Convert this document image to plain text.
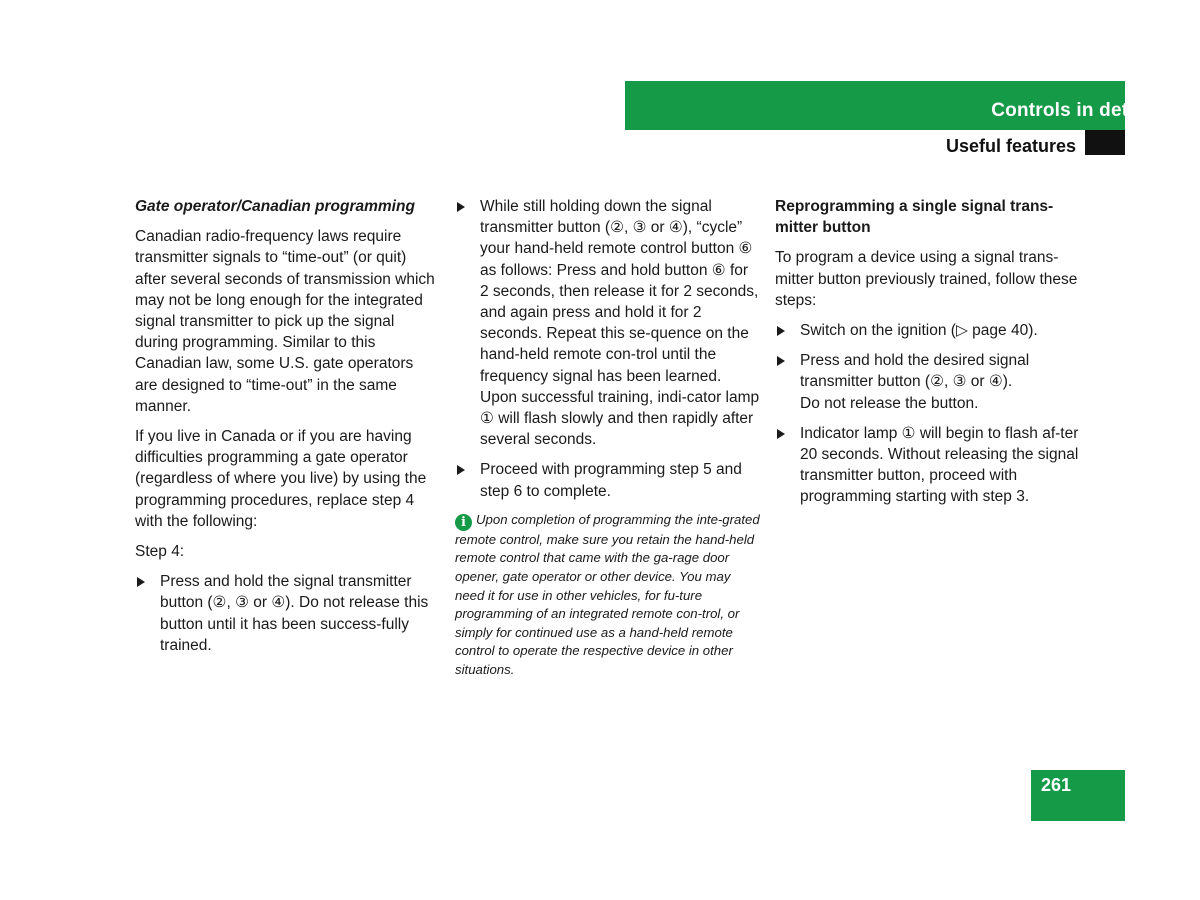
Controls in detail
Useful features

Gate operator/Canadian programming

Canadian radio-frequency laws require transmitter signals to “time-out” (or quit) after several seconds of transmission which may not be long enough for the integrated signal transmitter to pick up the signal during programming. Similar to this Canadian law, some U.S. gate operators are designed to “time-out” in the same manner.

If you live in Canada or if you are having difficulties programming a gate operator (regardless of where you live) by using the programming procedures, replace step 4 with the following:

Step 4:

Press and hold the signal transmitter button (②, ③ or ④). Do not release this button until it has been success-fully trained.
While still holding down the signal transmitter button (②, ③ or ④), “cycle” your hand-held remote control button ⑥ as follows: Press and hold button ⑥ for 2 seconds, then release it for 2 seconds, and again press and hold it for 2 seconds. Repeat this se-quence on the hand-held remote con-trol until the frequency signal has been learned. Upon successful training, indi-cator lamp ① will flash slowly and then rapidly after several seconds.
Proceed with programming step 5 and step 6 to complete.
i Upon completion of programming the inte-grated remote control, make sure you retain the hand-held remote control that came with the ga-rage door opener, gate operator or other device. You may need it for use in other vehicles, for fu-ture programming of an integrated remote con-trol, or simply for continued use as a hand-held remote control to operate the respective device in other situations.

Reprogramming a single signal trans-mitter button

To program a device using a signal trans-mitter button previously trained, follow these steps:

Switch on the ignition (▷ page 40).
Press and hold the desired signal transmitter button (②, ③ or ④).
Do not release the button.
Indicator lamp ① will begin to flash af-ter 20 seconds. Without releasing the signal transmitter button, proceed with programming starting with step 3.
261
